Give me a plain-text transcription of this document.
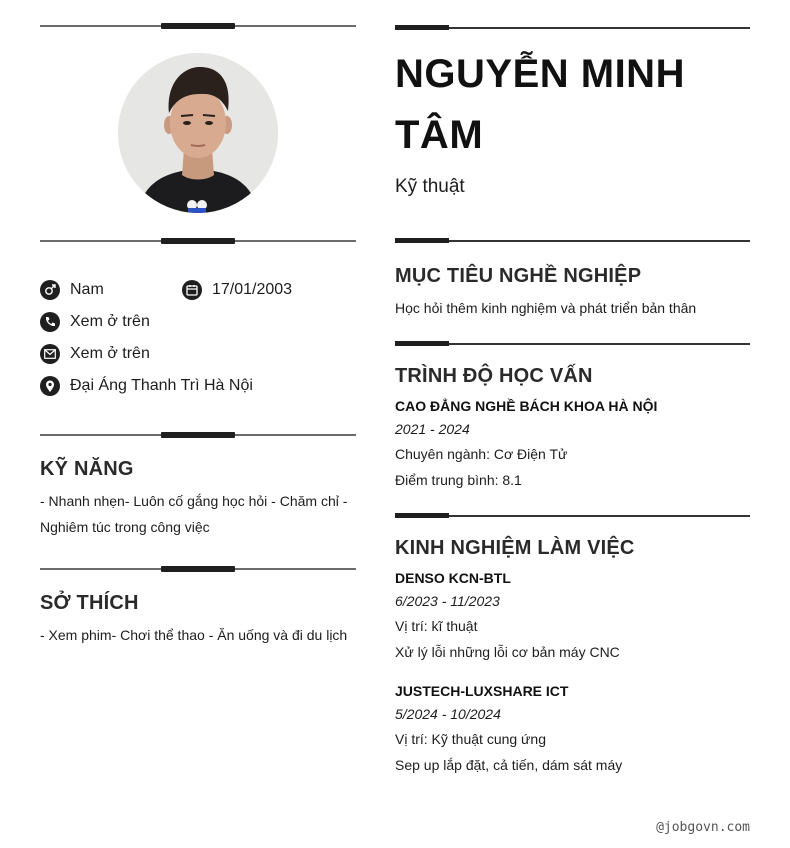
Nam	17/01/2003
Xem ở trên
Xem ở trên
Đại Áng Thanh Trì Hà Nội
KỸ NĂNG
- Nhanh nhẹn- Luôn cố gắng học hỏi - Chăm chỉ - Nghiêm túc trong công việc
SỞ THÍCH
- Xem phim- Chơi thể thao - Ăn uống và đi du lịch
NGUYỄN MINH TÂM
Kỹ thuật
MỤC TIÊU NGHỀ NGHIỆP
Học hỏi thêm kinh nghiệm và phát triển bản thân
TRÌNH ĐỘ HỌC VẤN
CAO ĐẲNG NGHỀ BÁCH KHOA HÀ NỘI
2021 - 2024
Chuyên ngành: Cơ Điện Tử
Điểm trung bình: 8.1
KINH NGHIỆM LÀM VIỆC
DENSO KCN-BTL
6/2023 - 11/2023
Vị trí: kĩ thuật
Xử lý lỗi những lỗi cơ bản máy CNC
JUSTECH-LUXSHARE ICT
5/2024 - 10/2024
Vị trí: Kỹ thuật cung ứng
Sep up lắp đặt, cả tiến, dám sát máy
@jobgovn.com
